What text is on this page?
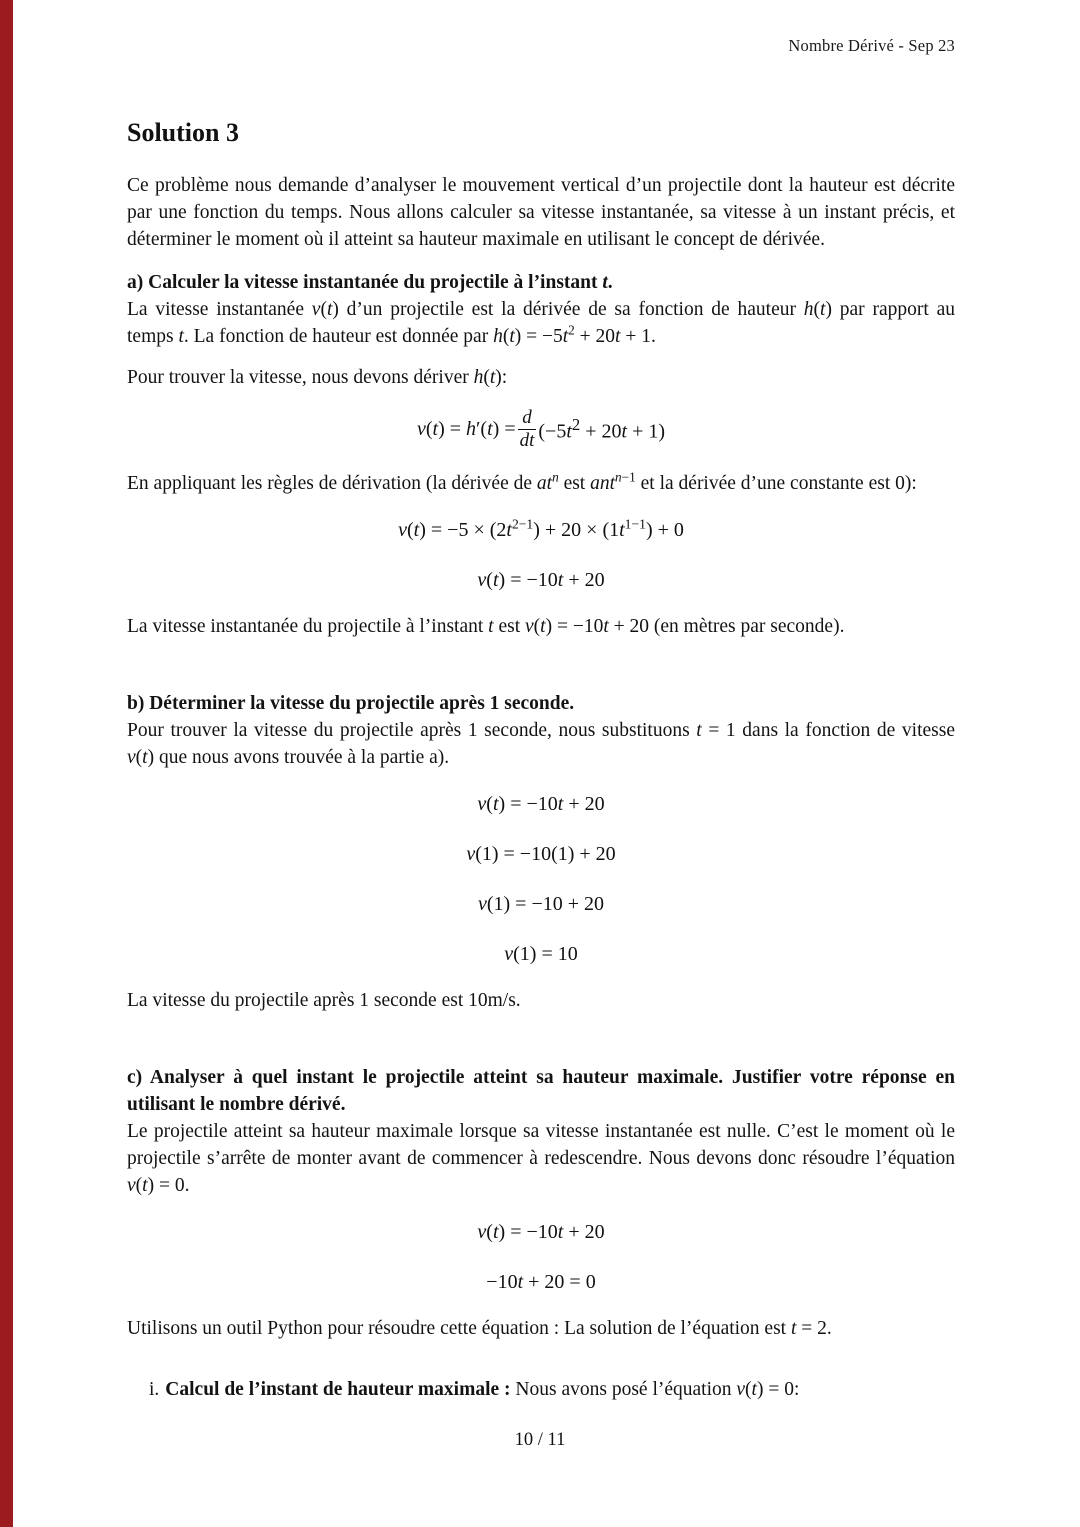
Nombre Dérivé - Sep 23
Solution 3

Ce problème nous demande d’analyser le mouvement vertical d’un projectile dont la hauteur est décrite par une fonction du temps. Nous allons calculer sa vitesse instantanée, sa vitesse à un instant précis, et déterminer le moment où il atteint sa hauteur maximale en utilisant le concept de dérivée.

a) Calculer la vitesse instantanée du projectile à l’instant t.

La vitesse instantanée v(t) d’un projectile est la dérivée de sa fonction de hauteur h(t) par rapport au temps t. La fonction de hauteur est donnée par $h(t) = -5t^2 + 20t + 1$.

Pour trouver la vitesse, nous devons dériver h(t):

$v(t) = h'(t) = \frac{d}{dt} (-5t^2 + 20t + 1)$

En appliquant les règles de dérivation (la dérivée de $at^n$ est ant$^{n-1}$ et la dérivée d’une constante est 0):

$v(t) = -5 \times (2t^{2-1}) + 20 \times (1t^{1-1}) + 0$
v(t) = −10t + 20

La vitesse instantanée du projectile à l’instant t est v(t) = −10t + 20 (en mètres par seconde).

b) Déterminer la vitesse du projectile après 1 seconde.

Pour trouver la vitesse du projectile après 1 seconde, nous substituons t = 1 dans la fonction de vitesse v(t) que nous avons trouvée à la partie a).

v(t) = −10t + 20
v(1) = −10(1) + 20
v(1) = −10 + 20
v(1) = 10

La vitesse du projectile après 1 seconde est 10m/s.

c) Analyser à quel instant le projectile atteint sa hauteur maximale. Justifier votre réponse en utilisant le nombre dérivé.

Le projectile atteint sa hauteur maximale lorsque sa vitesse instantanée est nulle. C’est le moment où le projectile s’arrête de monter avant de commencer à redescendre. Nous devons donc résoudre l’équation v(t) = 0.

v(t) = −10t + 20
−10t + 20 = 0

Utilisons un outil Python pour résoudre cette équation : La solution de l’équation est t = 2.

i. Calcul de l’instant de hauteur maximale : Nous avons posé l’équation v(t) = 0:
10 / 11
